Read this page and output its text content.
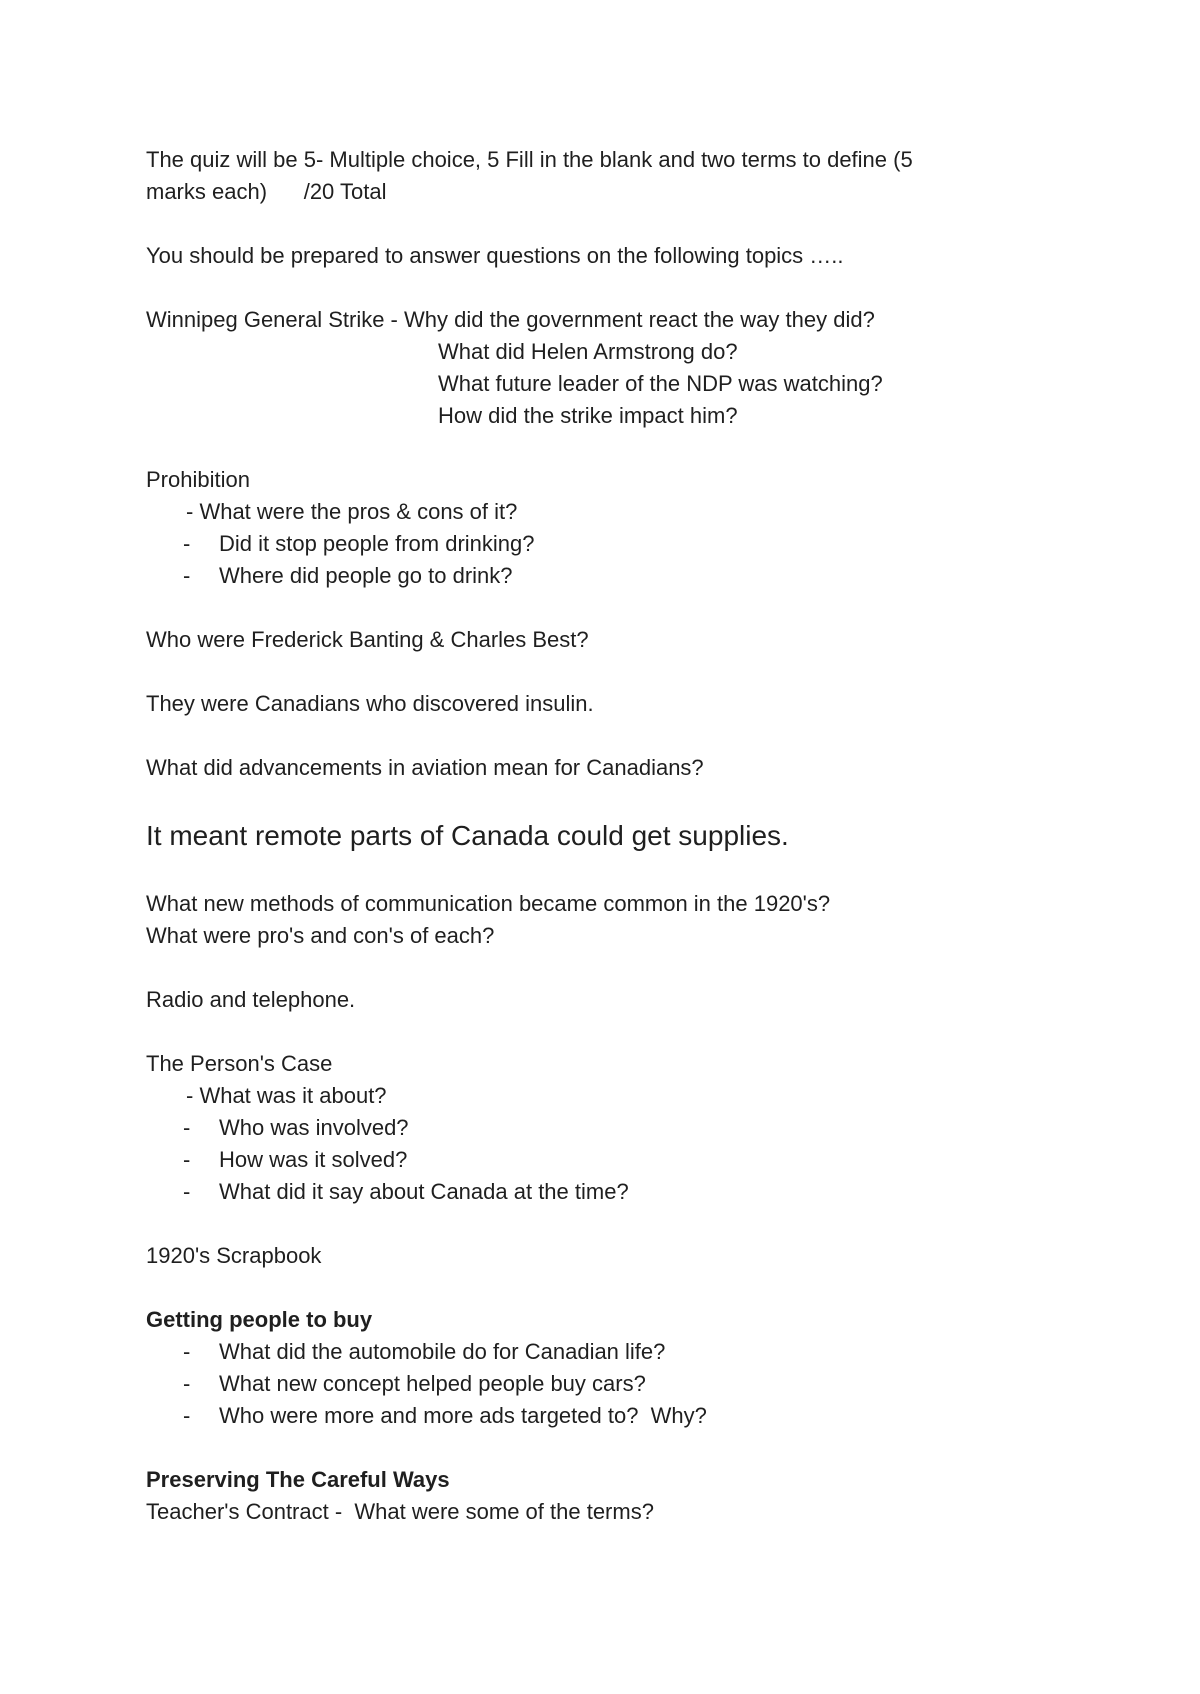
The quiz will be 5- Multiple choice, 5 Fill in the blank and two terms to define (5
marks each)      /20 Total
You should be prepared to answer questions on the following topics …..
Winnipeg General Strike - Why did the government react the way they did?
What did Helen Armstrong do?
What future leader of the NDP was watching?
How did the strike impact him?
Prohibition
- What were the pros & cons of it?
- Did it stop people from drinking?
- Where did people go to drink?
Who were Frederick Banting & Charles Best?
They were Canadians who discovered insulin.
What did advancements in aviation mean for Canadians?
It meant remote parts of Canada could get supplies.
What new methods of communication became common in the 1920's?
What were pro's and con's of each?
Radio and telephone.
The Person's Case
- What was it about?
- Who was involved?
- How was it solved?
- What did it say about Canada at the time?
1920's Scrapbook
Getting people to buy
- What did the automobile do for Canadian life?
- What new concept helped people buy cars?
- Who were more and more ads targeted to?  Why?
Preserving The Careful Ways
Teacher's Contract -  What were some of the terms?
